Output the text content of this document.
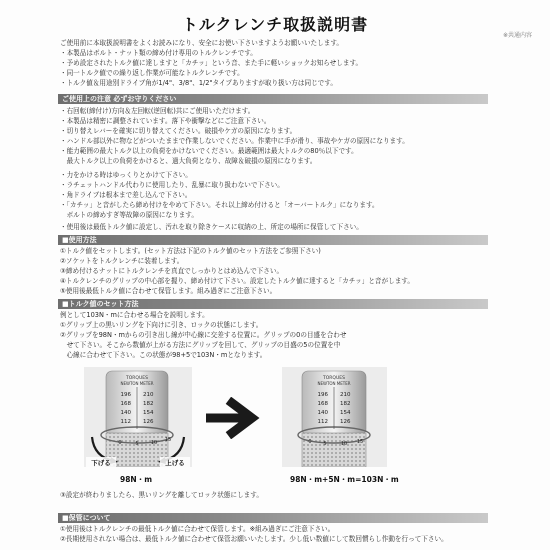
トルクレンチ取扱説明書
※共通内容
ご使用前に本取扱説明書をよくお読みになり、安全にお使い下さいますようお願いいたします。
・本製品はボルト・ナット類の締め付け専用のトルクレンチです。
・予め設定されたトルク値に達しますと「カチッ」という音、また手に軽いショックお知らせします。
・同一トルク値での繰り返し作業が可能なトルクレンチです。
・トルク値＆用途別ドライブ角が1/4"、3/8"、1/2"タイプありますが取り扱い方は同じです。
ご使用上の注意 必ずお守りください
・右回転(締付け)方向＆左回転(逆回転)共にご使用いただけます。
・本製品は精密に調整されています。落下や衝撃などにご注意下さい。
・切り替えレバーを確実に切り替えてください。破損やケガの原因になります。
・ハンドル部以外に物などがついたままで作業しないでください。作業中に手が滑り、事故やケガの原因になります。
・能力範囲の最大トルク以上の負荷をかけないでください。最適範囲は最大トルクの80％以下です。
　最大トルク以上の負荷をかけると、過大負荷となり、故障＆破損の原因になります。
・力をかける時はゆっくりとかけて下さい。
・ラチェットハンドル代わりに使用したり、乱暴に取り扱わないで下さい。
・角ドライブは根本まで差し込んで下さい。
・「カチッ」と音がしたら締め付けをやめて下さい。それ以上締め付けると「オーバートルク」になります。
　ボルトの締めすぎ等故障の原因になります。
・使用後は最低トルク値に設定し、汚れを取り除きケースに収納の上、所定の場所に保管して下さい。
■使用方法
①トルク値をセットします。(セット方法は下記のトルク値のセット方法をご参照下さい)
②ソケットをトルクレンチに装着します。
③締め付けるナットにトルクレンチを真直でしっかりとはめ込んで下さい。
④トルクレンチのグリップの中心部を握り、締め付けて下さい。設定したトルク値に達すると「カチッ」と音がします。
⑤使用後最低トルク値に合わせて保管します。組み過ぎにご注意下さい。
■トルク値のセット方法
例として103N・mに合わせる場合を説明します。
①グリップ上の黒いリングを下向けに引き、ロックの状態にします。
②グリップを98N・mからの引き出し線が中心線に交差する位置に。グリップの0の目盛を合わせ
　せて下さい。そこから数値が上がる方法にグリップを回して、グリップの目盛の5の位置を中
　心線に合わせて下さい。この状態が98+5で103N・mとなります。
TORQUES
NEWTON METER
196
168
140
112
210
182
154
126
0	5 10 15
下げる	上げる
98N・m
TORQUES
NEWTON METER
196
168
140
112
210
182
154
126
0 5	10 15
98N・m+5N・m=103N・m
③設定が終わりましたら、黒いリングを離してロック状態にします。
■保管について
①使用後はトルクレンチの最低トルク値に合わせて保管します。※組み過ぎにご注意下さい。
②長期使用されない場合は、最低トルク値に合わせて保管お願いいたします。少し低い数値にして数回慣らし作動を行って下さい。
